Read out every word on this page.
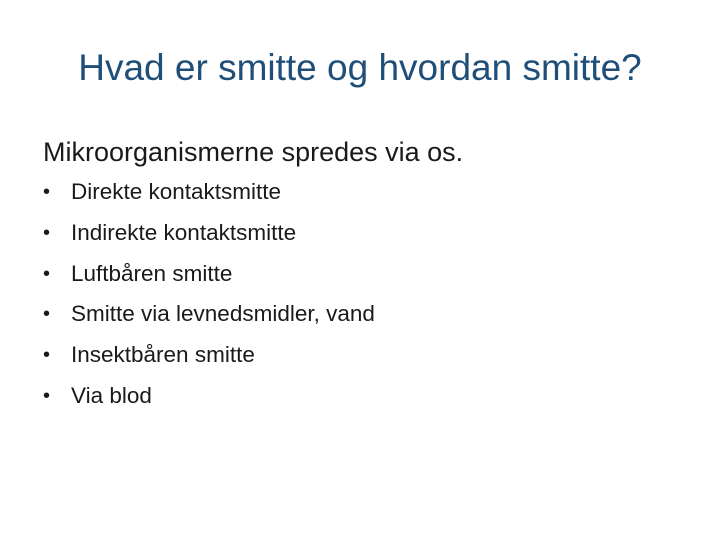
Hvad er smitte og hvordan smitte?

Mikroorganismerne spredes via os.

• Direkte kontaktsmitte
• Indirekte kontaktsmitte
• Luftbåren smitte
• Smitte via levnedsmidler, vand
• Insektbåren smitte
• Via blod
